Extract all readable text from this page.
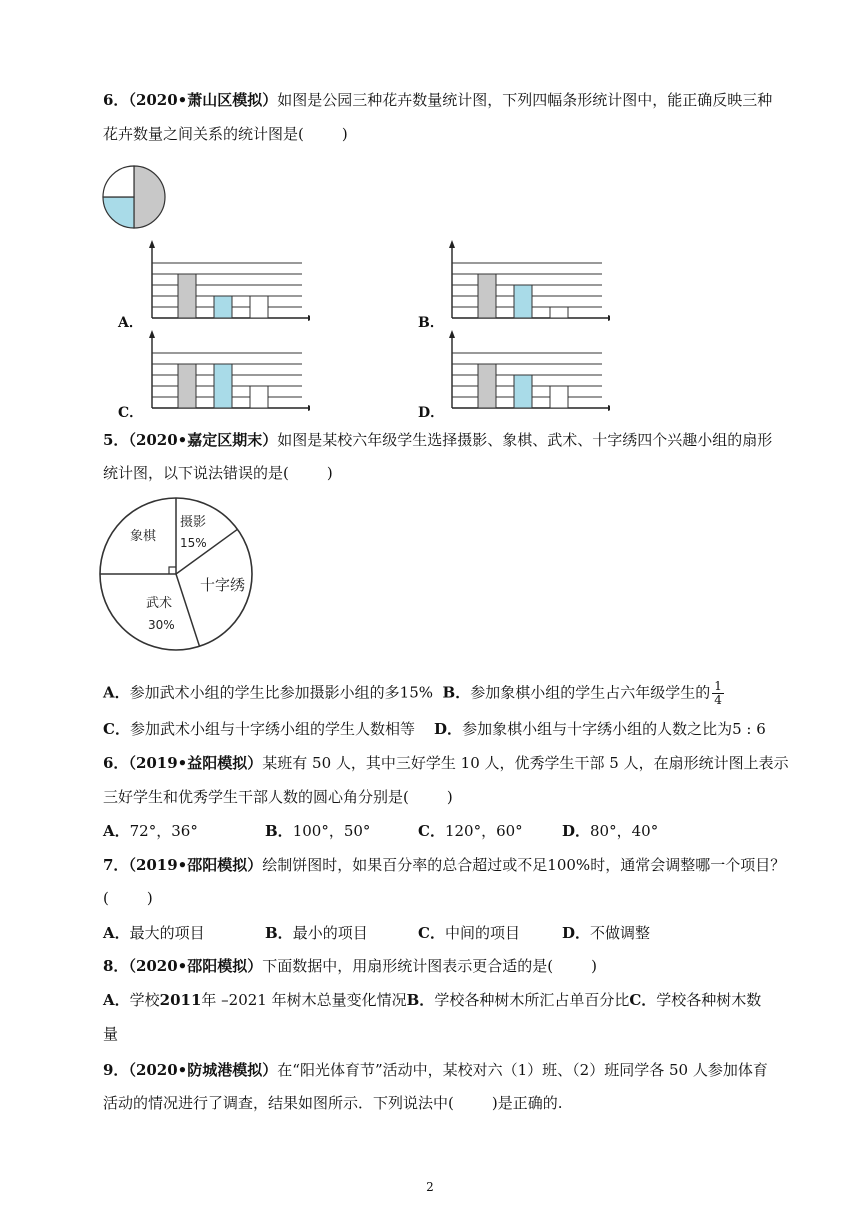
6．（2020•萧山区模拟）如图是公园三种花卉数量统计图，下列四幅条形统计图中，能正确反映三种
花卉数量之间关系的统计图是(	)
A．	B．
C．	D．
5．（2020•嘉定区期末）如图是某校六年级学生选择摄影、象棋、武术、十字绣四个兴趣小组的扇形
统计图，以下说法错误的是(	)
摄影
15%
十字绣
武术
30%
象棋
A．参加武术小组的学生比参加摄影小组的多15% B．参加象棋小组的学生占六年级学生的 $\frac{1}{4}$
C．参加武术小组与十字绣小组的学生人数相等 D．参加象棋小组与十字绣小组的人数之比为5 : 6
6．（2019•益阳模拟）某班有 50 人，其中三好学生 10 人，优秀学生干部 5 人，在扇形统计图上表示
三好学生和优秀学生干部人数的圆心角分别是(	)
A．72°，36°	B．100°，50°	C．120°，60°	D．80°，40°
7．（2019•邵阳模拟）绘制饼图时，如果百分率的总合超过或不足100%时，通常会调整哪一个项目？
(	)
A．最大的项目	B．最小的项目	C．中间的项目	D．不做调整
8．（2020•邵阳模拟）下面数据中，用扇形统计图表示更合适的是(	)
A．学校2011年 –2021 年树木总量变化情况B．学校各种树木所汇占单百分比C．学校各种树木数
量
9．（2020•防城港模拟）在“阳光体育节”活动中，某校对六（1）班、（2）班同学各 50 人参加体育
活动的情况进行了调查，结果如图所示．下列说法中(	)是正确的.
2
